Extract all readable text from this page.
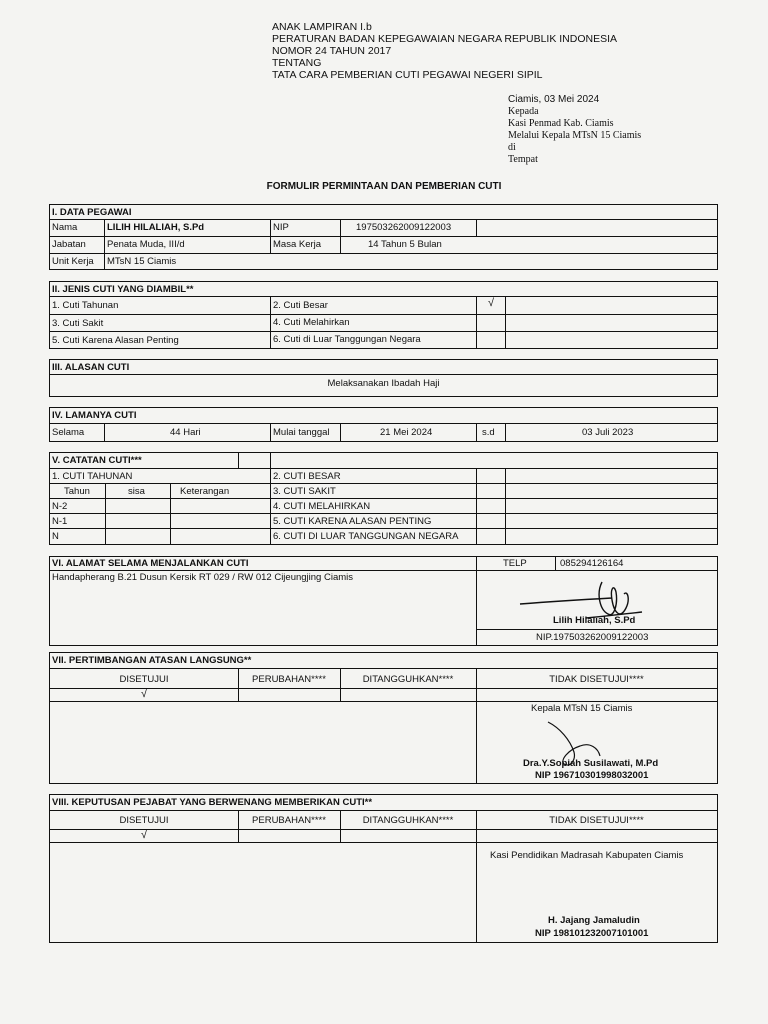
ANAK LAMPIRAN I.b
PERATURAN BADAN KEPEGAWAIAN NEGARA REPUBLIK INDONESIA
NOMOR 24 TAHUN 2017
TENTANG
TATA CARA PEMBERIAN CUTI PEGAWAI NEGERI SIPIL
Ciamis, 03 Mei 2024
Kepada
Kasi Penmad Kab. Ciamis
Melalui Kepala MTsN 15 Ciamis
di
Tempat
FORMULIR PERMINTAAN DAN PEMBERIAN CUTI
I. DATA PEGAWAI
Nama	LILIH HILALIAH, S.Pd	NIP	197503262009122003
Jabatan Penata Muda, III/d	Masa Kerja	14 Tahun 5 Bulan
Unit Kerja MTsN 15 Ciamis
II. JENIS CUTI YANG DIAMBIL**
1. Cuti Tahunan	2. Cuti Besar	√
3. Cuti Sakit	4. Cuti Melahirkan
5. Cuti Karena Alasan Penting	6. Cuti di Luar Tanggungan Negara
III. ALASAN CUTI
Melaksanakan Ibadah Haji
IV. LAMANYA CUTI
Selama	44 Hari	Mulai tanggal	21 Mei 2024	s.d	03 Juli 2023
V. CATATAN CUTI***
1. CUTI TAHUNAN
Tahun	sisa	Keterangan
N-2
N-1
N
2. CUTI BESAR
3. CUTI SAKIT
4. CUTI MELAHIRKAN
5. CUTI KARENA ALASAN PENTING
6. CUTI DI LUAR TANGGUNGAN NEGARA
VI. ALAMAT SELAMA MENJALANKAN CUTI	TELP	085294126164
Handapherang B.21 Dusun Kersik RT 029 / RW 012 Cijeungjing Ciamis
Lilih Hilaliah, S.Pd
NIP.197503262009122003
VII. PERTIMBANGAN ATASAN LANGSUNG**
DISETUJUI	PERUBAHAN****	DITANGGUHKAN****	TIDAK DISETUJUI****
√
Kepala MTsN 15 Ciamis
Dra.Y.Sopiah Susilawati, M.Pd
NIP 196710301998032001
VIII. KEPUTUSAN PEJABAT YANG BERWENANG MEMBERIKAN CUTI**
DISETUJUI	PERUBAHAN****	DITANGGUHKAN****	TIDAK DISETUJUI****
√
Kasi Pendidikan Madrasah Kabupaten Ciamis
H. Jajang Jamaludin
NIP 198101232007101001
